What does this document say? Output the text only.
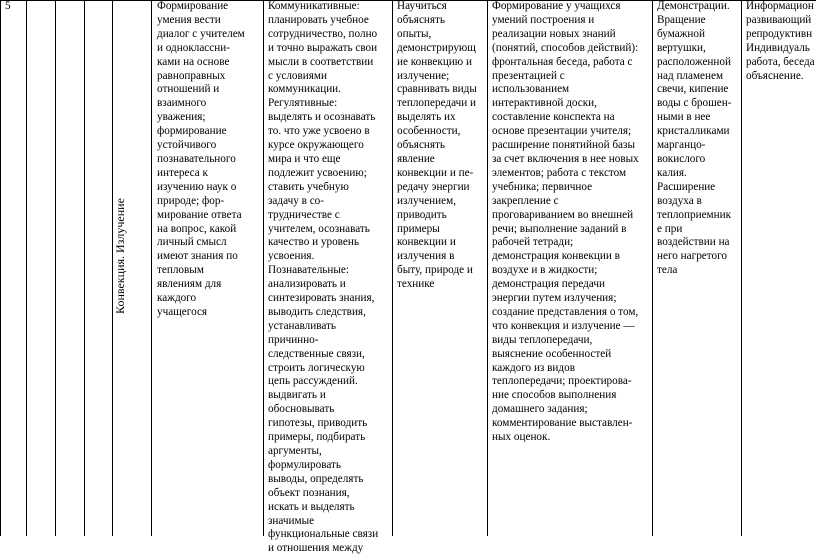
5
Конвекция. Излучение
Формирование
умения вести
диалог с учителем
и одноклассни-
ками на основе
равноправных
отношений и
взаимного
уважения;
формирование
устойчивого
познавательного
интереса к
изучению наук о
природе; фор-
мирование ответа
на вопрос, какой
личный смысл
имеют знания по
тепловым
явлениям для
каждого
учащегося
Коммуникативные:
планировать учебное
сотрудничество, полно
и точно выражать свои
мысли в соответствии
с условиями
коммуникации.
Регулятивные:
выделять и осознавать
то. что уже усвоено в
курсе окружающего
мира и что еще
подлежит усвоению;
ставить учебную
задачу в со-
трудничестве с
учителем, осознавать
качество и уровень
усвоения.
Познавательные:
анализировать и
синтезировать знания,
выводить следствия,
устанавливать
причинно-
следственные связи,
строить логическую
цепь рассуждений.
выдвигать и
обосновывать
гипотезы, приводить
примеры, подбирать
аргументы,
формулировать
выводы, определять
объект познания,
искать и выделять
значимые
функциональные связи
и отношения между
Научиться
объяснять
опыты,
демонстрирующ
ие конвекцию и
излучение;
сравнивать виды
теплопередачи и
выделять их
особенности,
объяснять
явление
конвекции и пе-
редачу энергии
излучением,
приводить
примеры
конвекции и
излучения в
быту, природе и
технике
Формирование у учащихся
умений построения и
реализации новых знаний
(понятий, способов действий):
фронтальная беседа, работа с
презентацией с
использованием
интерактивной доски,
составление конспекта на
основе презентации учителя;
расширение понятийной базы
за счет включения в нее новых
элементов; работа с текстом
учебника; первичное
закрепление с
проговариванием во внешней
речи; выполнение заданий в
рабочей тетради;
демонстрация конвекции в
воздухе и в жидкости;
демонстрация передачи
энергии путем излучения;
создание представления о том,
что конвекция и излучение —
виды теплопередачи,
выяснение особенностей
каждого из видов
теплопередачи; проектирова-
ние способов выполнения
домашнего задания;
комментирование выставлен-
ных оценок.
Демонстрации.
Вращение
бумажной
вертушки,
расположенной
над пламенем
свечи, кипение
воды с брошен-
ными в нее
кристалликами
марганцо-
вокислого
калия.
Расширение
воздуха в
теплоприемник
е при
воздействии на
него нагретого
тела
Информацион
развивающий
репродуктивн
Индивидуаль
работа, беседа
объяснение.
